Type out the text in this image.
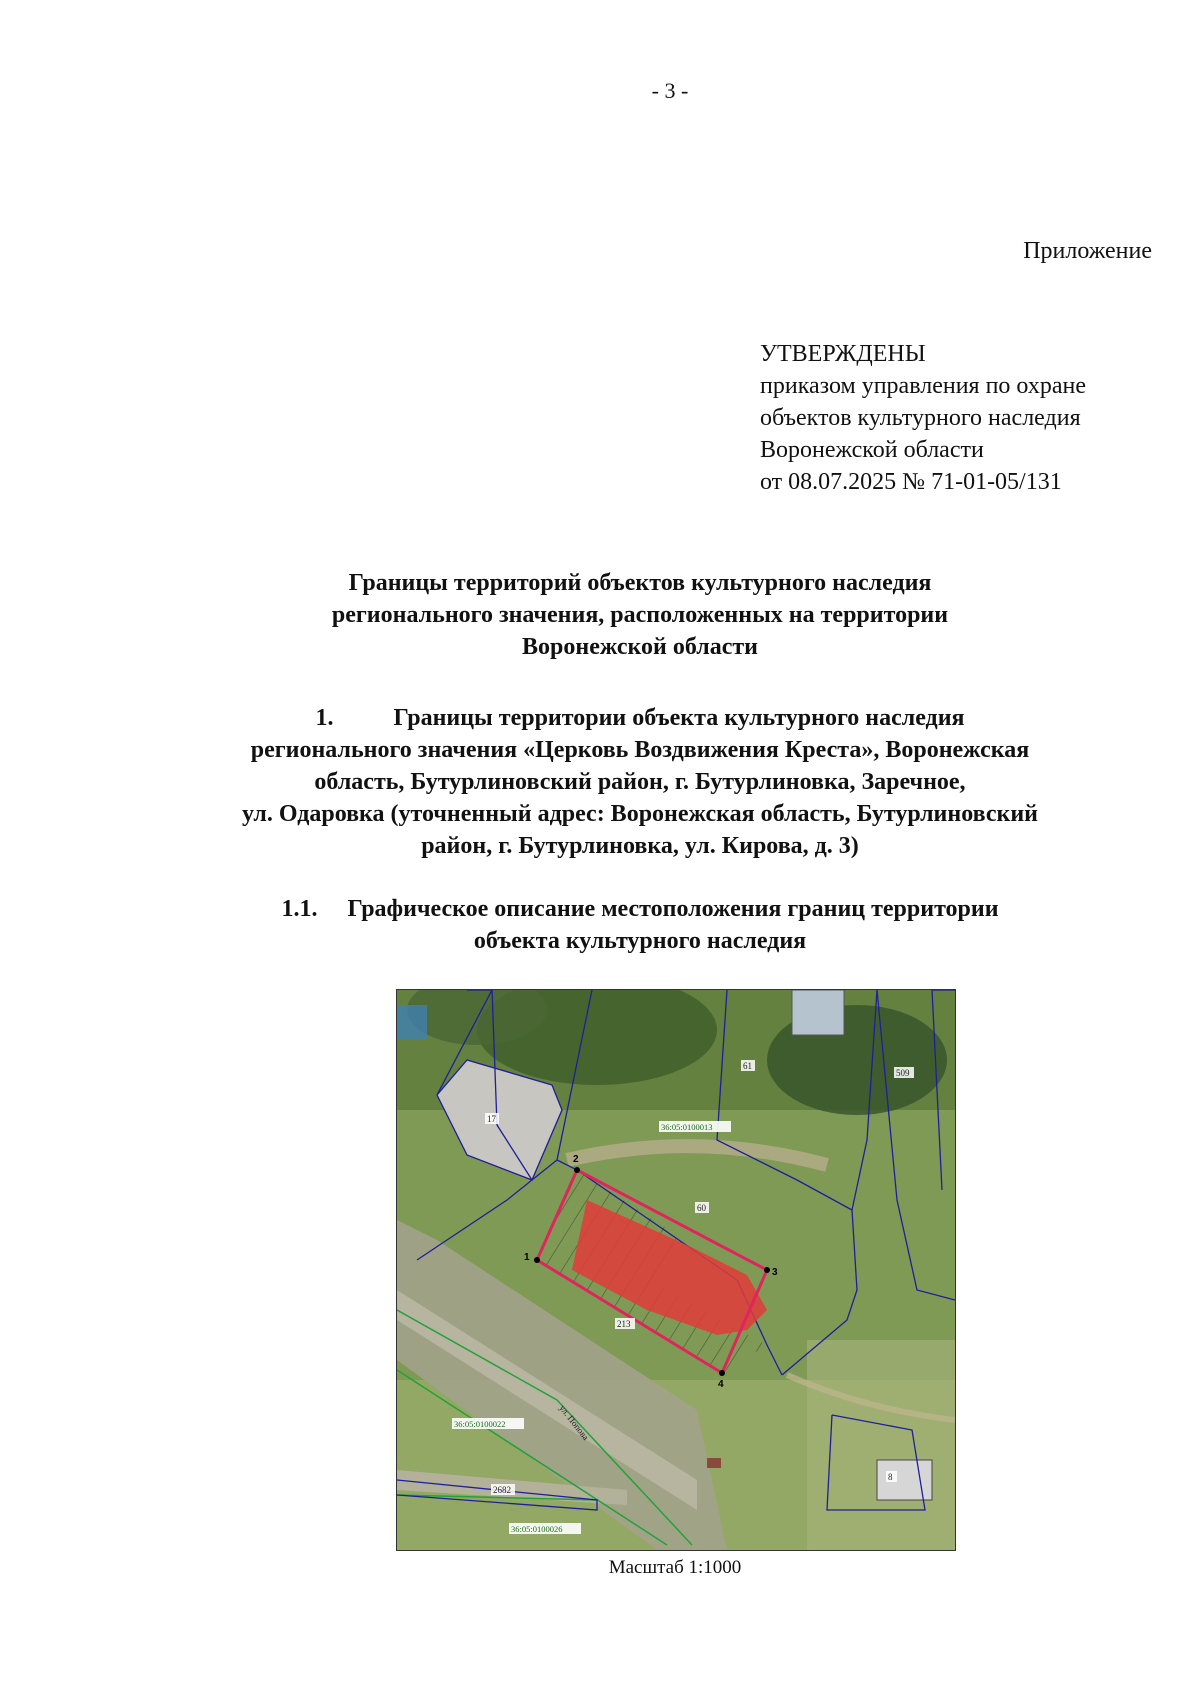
- 3 -
Приложение
УТВЕРЖДЕНЫ
приказом управления по охране
объектов культурного наследия
Воронежской области
от 08.07.2025 № 71-01-05/131
Границы территорий объектов культурного наследия
регионального значения, расположенных на территории
Воронежской области
1.	Границы территории объекта культурного наследия
регионального значения «Церковь Воздвижения Креста», Воронежская
область, Бутурлиновский район, г. Бутурлиновка, Заречное,
ул. Одаровка (уточненный адрес: Воронежская область, Бутурлиновский
район, г. Бутурлиновка, ул. Кирова, д. 3)
1.1. Графическое описание местоположения границ территории
объекта культурного наследия
1
2
3
4
61
509
17
60
213
8
2682
36:05:0100013
36:05:0100022
36:05:0100026
ул. Попова
Масштаб 1:1000
